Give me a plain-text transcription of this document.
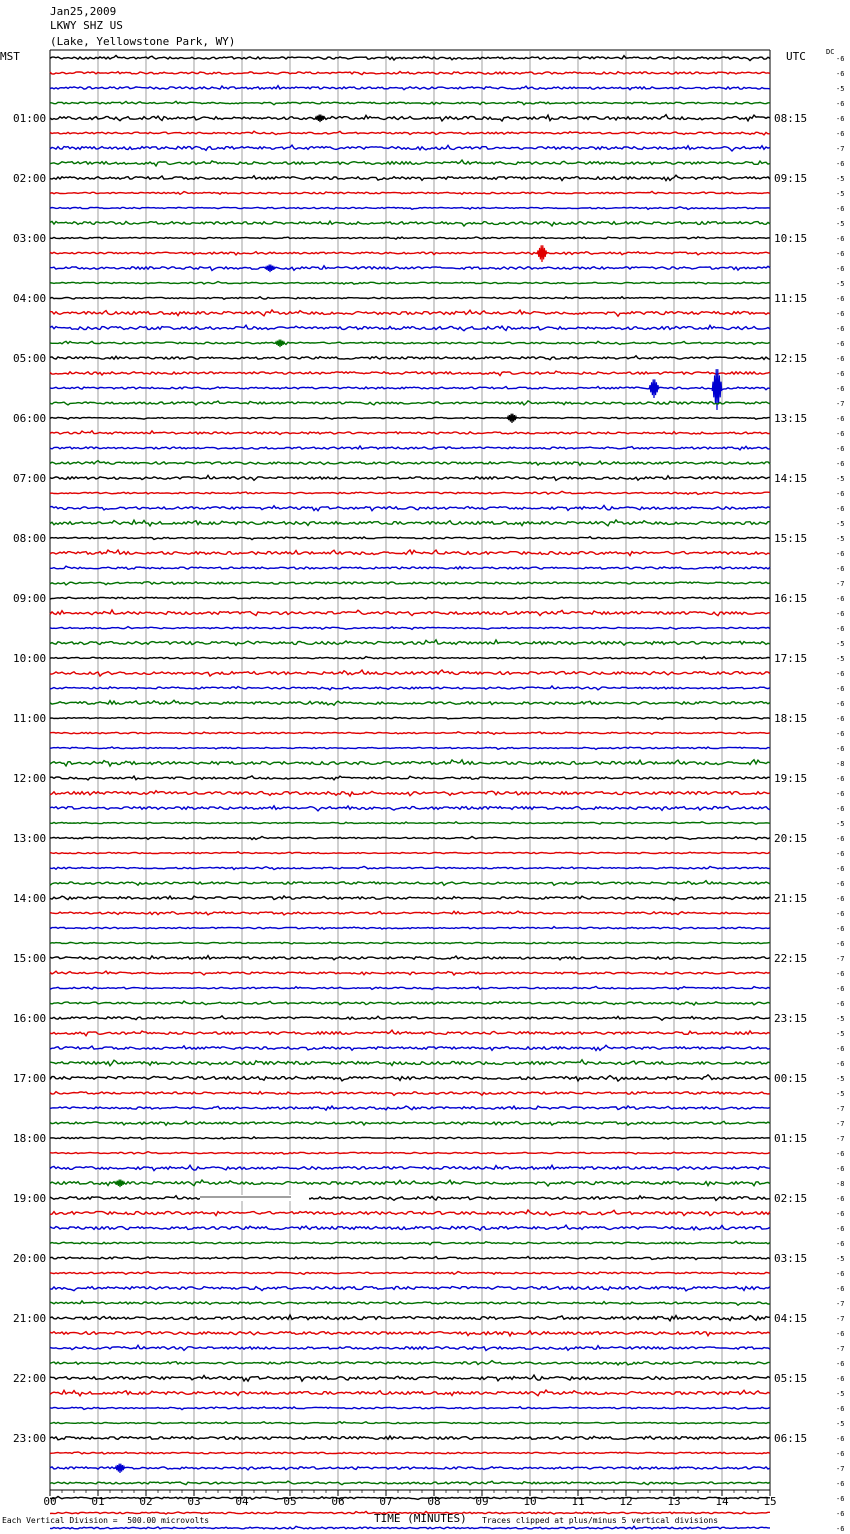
Jan25,2009
LKWY SHZ US
(Lake, Yellowstone Park, WY)
MST	UTC	DC
00	01	02	03	04	05	06	07	08	09	10	11	12	13	14	15
-6
-6
-5
-6
-6
-6
-7
-6
-5
-5
-6
-5
-6
-6
-6
-5
-6
-6
-6
-6
-6
-6
-6
-7
-6
-6
-6
-6
-5
-6
-6
-5
-5
-6
-6
-7
-6
-6
-6
-5
-5
-6
-6
-6
-6
-6
-6
-8
-6
-6
-6
-5
-6
-6
-6
-6
-6
-6
-6
-6
-7
-6
-6
-6
-5
-5
-6
-6
-5
-5
-7
-7
-7
-6
-6
-8
-6
-6
-6
-6
-5
-6
-6
-7
-7
-6
-7
-6
-6
-5
-6
-5
-6
-6
-7
-6
-6
-6
-6
01:00	08:15
02:00	09:15
03:00	10:15
04:00	11:15
05:00	12:15
06:00	13:15
07:00	14:15
08:00	15:15
09:00	16:15
10:00	17:15
11:00	18:15
12:00	19:15
13:00	20:15
14:00	21:15
15:00	22:15
16:00	23:15
17:00	00:15
18:00	01:15
19:00	02:15
20:00	03:15
21:00	04:15
22:00	05:15
23:00	06:15
Each Vertical Division =  500.00 microvolts	TIME (MINUTES) Traces clipped at plus/minus 5 vertical divisions
